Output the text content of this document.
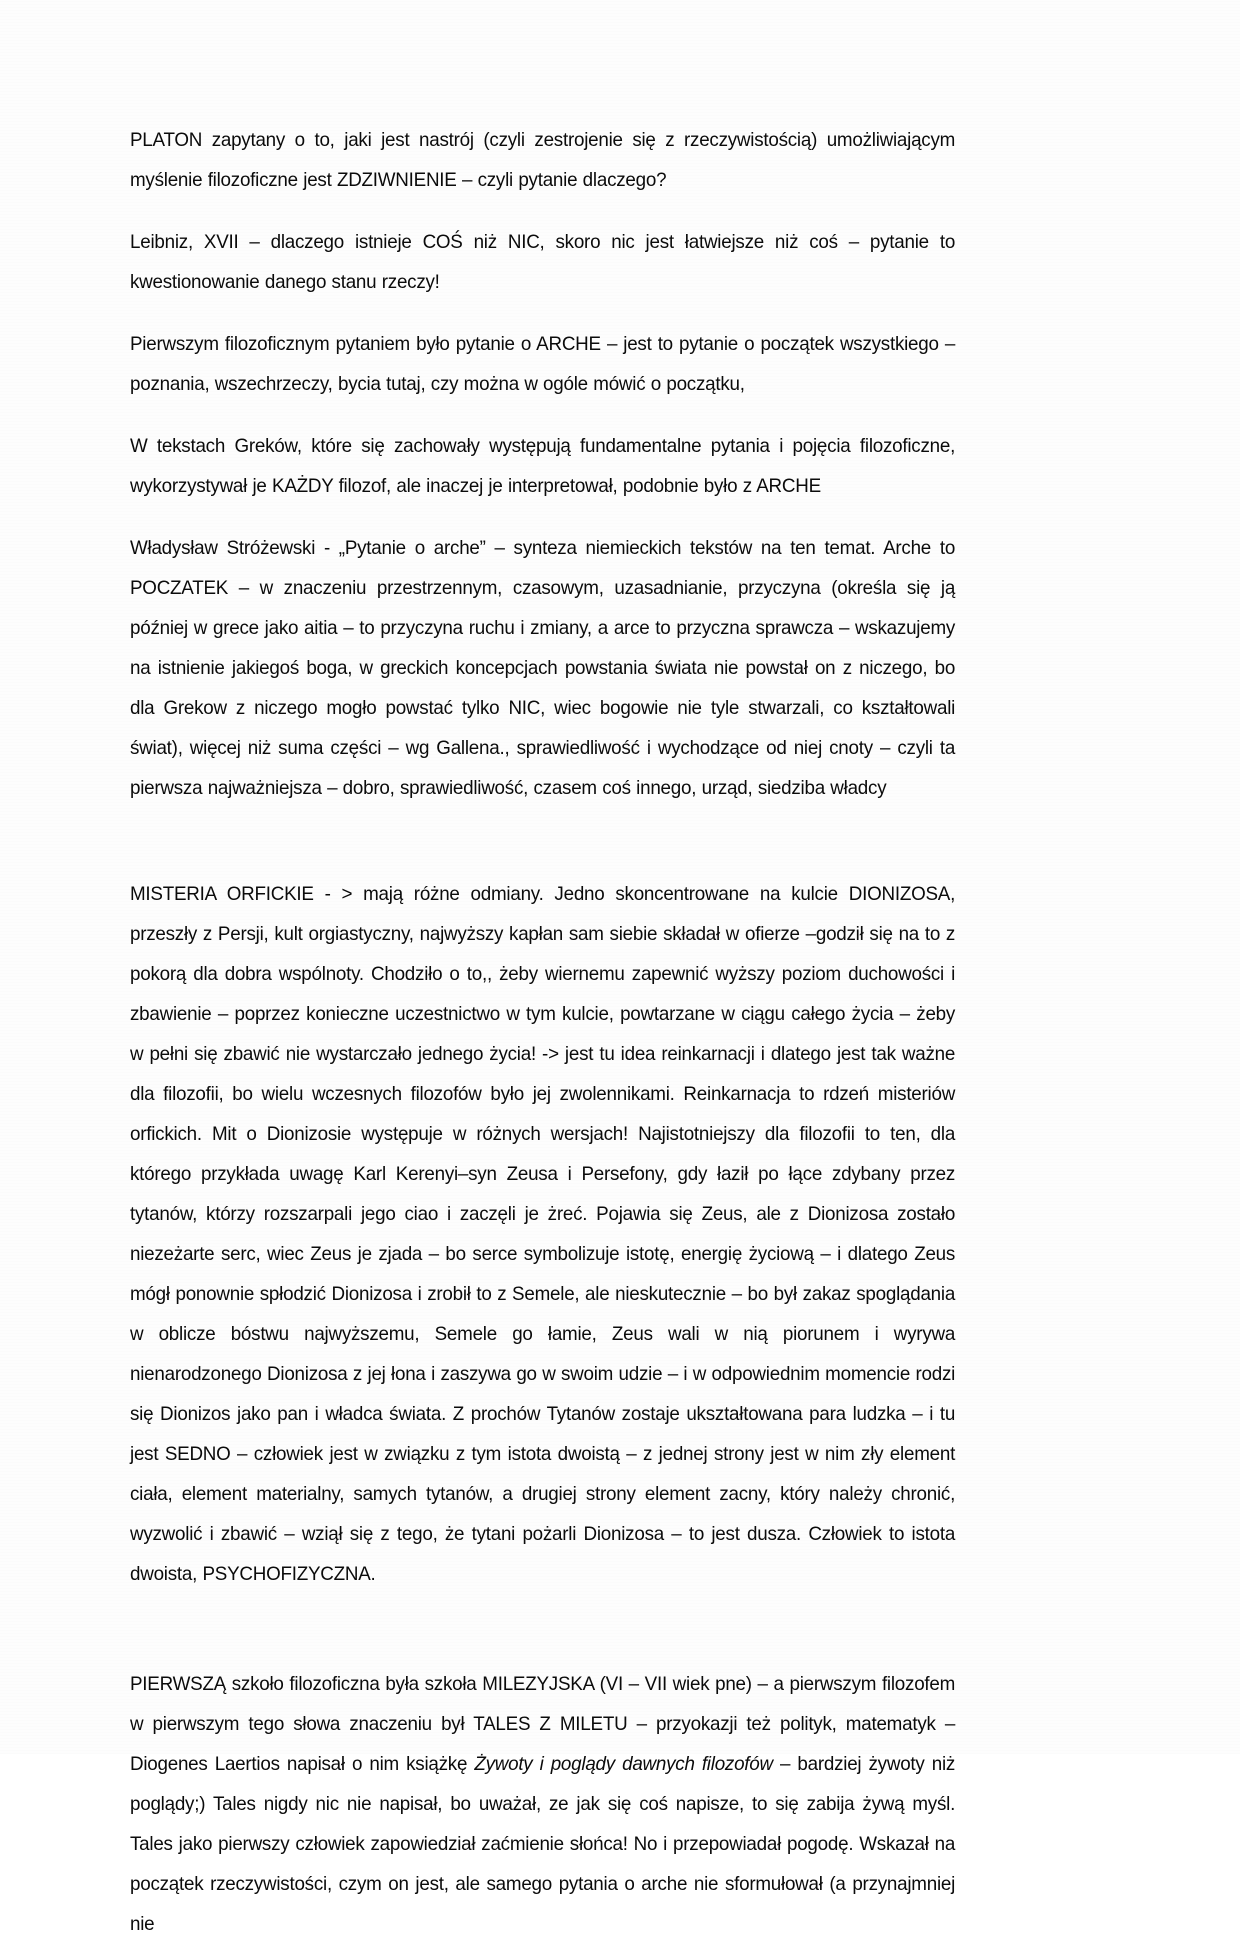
PLATON zapytany o to, jaki jest nastrój (czyli zestrojenie się z rzeczywistością) umożliwiającym myślenie filozoficzne jest ZDZIWNIENIE – czyli pytanie dlaczego?

Leibniz, XVII – dlaczego istnieje COŚ niż NIC, skoro nic jest łatwiejsze niż coś – pytanie to kwestionowanie danego stanu rzeczy!

Pierwszym filozoficznym pytaniem było pytanie o ARCHE – jest to pytanie o początek wszystkiego – poznania, wszechrzeczy, bycia tutaj, czy można w ogóle mówić o początku,

W tekstach Greków, które się zachowały występują fundamentalne pytania i pojęcia filozoficzne, wykorzystywał je KAŻDY filozof, ale inaczej je interpretował, podobnie było z ARCHE

Władysław Stróżewski - „Pytanie o arche” – synteza niemieckich tekstów na ten temat. Arche to POCZATEK – w znaczeniu przestrzennym, czasowym, uzasadnianie, przyczyna (określa się ją później w grece jako aitia – to przyczyna ruchu i zmiany, a arce to przyczna sprawcza – wskazujemy na istnienie jakiegoś boga, w greckich koncepcjach powstania świata nie powstał on z niczego, bo dla Grekow z niczego mogło powstać tylko NIC, wiec bogowie nie tyle stwarzali, co kształtowali świat), więcej niż suma części – wg Gallena., sprawiedliwość i wychodzące od niej cnoty – czyli ta pierwsza najważniejsza – dobro, sprawiedliwość, czasem coś innego, urząd, siedziba władcy

MISTERIA ORFICKIE - > mają różne odmiany. Jedno skoncentrowane na kulcie DIONIZOSA, przeszły z Persji, kult orgiastyczny, najwyższy kapłan sam siebie składał w ofierze –godził się na to z pokorą dla dobra wspólnoty. Chodziło o to,, żeby wiernemu zapewnić wyższy poziom duchowości i zbawienie – poprzez konieczne uczestnictwo w tym kulcie, powtarzane w ciągu całego życia – żeby w pełni się zbawić nie wystarczało jednego życia! -> jest tu idea reinkarnacji i dlatego jest tak ważne dla filozofii, bo wielu wczesnych filozofów było jej zwolennikami. Reinkarnacja to rdzeń misteriów orfickich. Mit o Dionizosie występuje w różnych wersjach! Najistotniejszy dla filozofii to ten, dla którego przykłada uwagę Karl Kerenyi–syn Zeusa i Persefony, gdy łaził po łące zdybany przez tytanów, którzy rozszarpali jego ciao i zaczęli je żreć. Pojawia się Zeus, ale z Dionizosa zostało niezeżarte serc, wiec Zeus je zjada – bo serce symbolizuje istotę, energię życiową – i dlatego Zeus mógł ponownie spłodzić Dionizosa i zrobił to z Semele, ale nieskutecznie – bo był zakaz spoglądania w oblicze bóstwu najwyższemu, Semele go łamie, Zeus wali w nią piorunem i wyrywa nienarodzonego Dionizosa z jej łona i zaszywa go w swoim udzie – i w odpowiednim momencie rodzi się Dionizos jako pan i władca świata. Z prochów Tytanów zostaje ukształtowana para ludzka – i tu jest SEDNO – człowiek jest w związku z tym istota dwoistą – z jednej strony jest w nim zły element ciała, element materialny, samych tytanów, a drugiej strony element zacny, który należy chronić, wyzwolić i zbawić – wziął się z tego, że tytani pożarli Dionizosa – to jest dusza. Człowiek to istota dwoista, PSYCHOFIZYCZNA.

PIERWSZĄ szkoło filozoficzna była szkoła MILEZYJSKA (VI – VII wiek pne) – a pierwszym filozofem w pierwszym tego słowa znaczeniu był TALES Z MILETU – przyokazji też polityk, matematyk – Diogenes Laertios napisał o nim książkę Żywoty i poglądy dawnych filozofów – bardziej żywoty niż poglądy;) Tales nigdy nic nie napisał, bo uważał, ze jak się coś napisze, to się zabija żywą myśl. Tales jako pierwszy człowiek zapowiedział zaćmienie słońca! No i przepowiadał pogodę. Wskazał na początek rzeczywistości, czym on jest, ale samego pytania o arche nie sformułował (a przynajmniej nie
